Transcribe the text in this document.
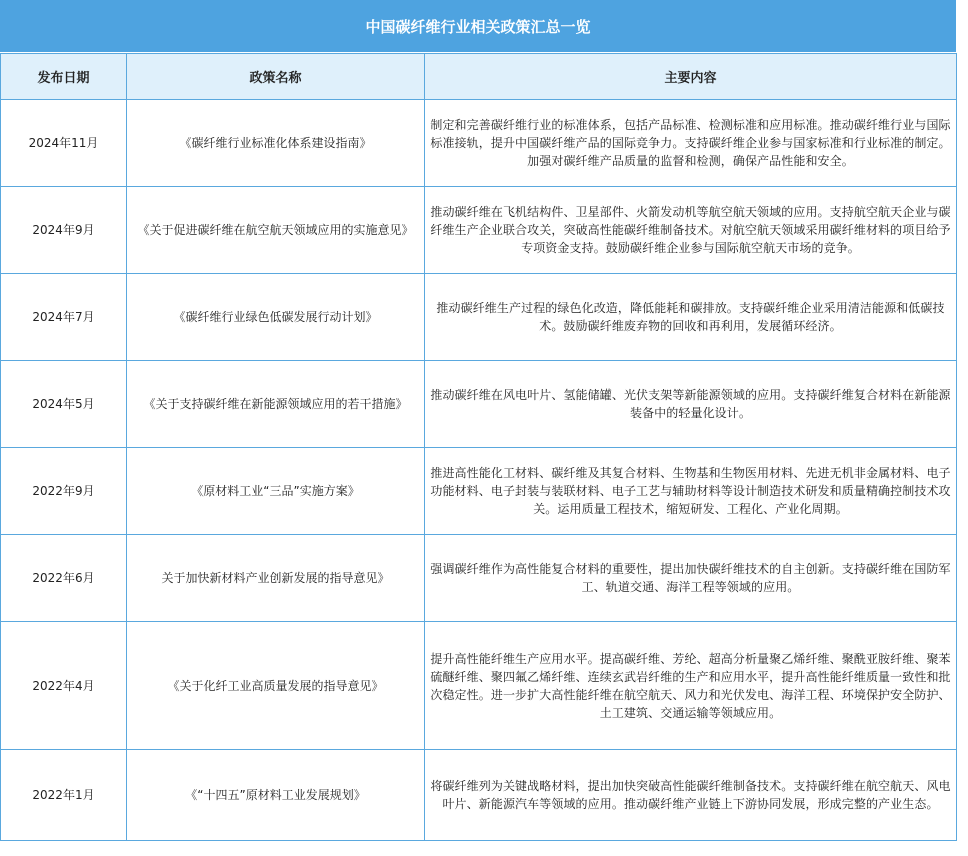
中国碳纤维行业相关政策汇总一览
发布日期	政策名称	主要内容
2024年11月	《碳纤维行业标准化体系建设指南》	制定和完善碳纤维行业的标准体系，包括产品标准、检测标准和应用标准。推动碳纤维行业与国际标准接轨，提升中国碳纤维产品的国际竞争力。支持碳纤维企业参与国家标准和行业标准的制定。加强对碳纤维产品质量的监督和检测，确保产品性能和安全。
2024年9月	《关于促进碳纤维在航空航天领域应用的实施意见》	推动碳纤维在飞机结构件、卫星部件、火箭发动机等航空航天领域的应用。支持航空航天企业与碳纤维生产企业联合攻关，突破高性能碳纤维制备技术。对航空航天领域采用碳纤维材料的项目给予专项资金支持。鼓励碳纤维企业参与国际航空航天市场的竞争。
2024年7月	《碳纤维行业绿色低碳发展行动计划》	推动碳纤维生产过程的绿色化改造，降低能耗和碳排放。支持碳纤维企业采用清洁能源和低碳技术。鼓励碳纤维废弃物的回收和再利用，发展循环经济。
2024年5月	《关于支持碳纤维在新能源领域应用的若干措施》	推动碳纤维在风电叶片、氢能储罐、光伏支架等新能源领域的应用。支持碳纤维复合材料在新能源装备中的轻量化设计。
2022年9月	《原材料工业“三品”实施方案》	推进高性能化工材料、碳纤维及其复合材料、生物基和生物医用材料、先进无机非金属材料、电子功能材料、电子封装与装联材料、电子工艺与辅助材料等设计制造技术研发和质量精确控制技术攻关。运用质量工程技术，缩短研发、工程化、产业化周期。
2022年6月	关于加快新材料产业创新发展的指导意见》	强调碳纤维作为高性能复合材料的重要性，提出加快碳纤维技术的自主创新。支持碳纤维在国防军工、轨道交通、海洋工程等领域的应用。
2022年4月	《关于化纤工业高质量发展的指导意见》	提升高性能纤维生产应用水平。提高碳纤维、芳纶、超高分析量聚乙烯纤维、聚酰亚胺纤维、聚苯硫醚纤维、聚四氟乙烯纤维、连续玄武岩纤维的生产和应用水平，提升高性能纤维质量一致性和批次稳定性。进一步扩大高性能纤维在航空航天、风力和光伏发电、海洋工程、环境保护安全防护、土工建筑、交通运输等领域应用。
2022年1月	《“十四五”原材料工业发展规划》	将碳纤维列为关键战略材料，提出加快突破高性能碳纤维制备技术。支持碳纤维在航空航天、风电叶片、新能源汽车等领域的应用。推动碳纤维产业链上下游协同发展，形成完整的产业生态。
